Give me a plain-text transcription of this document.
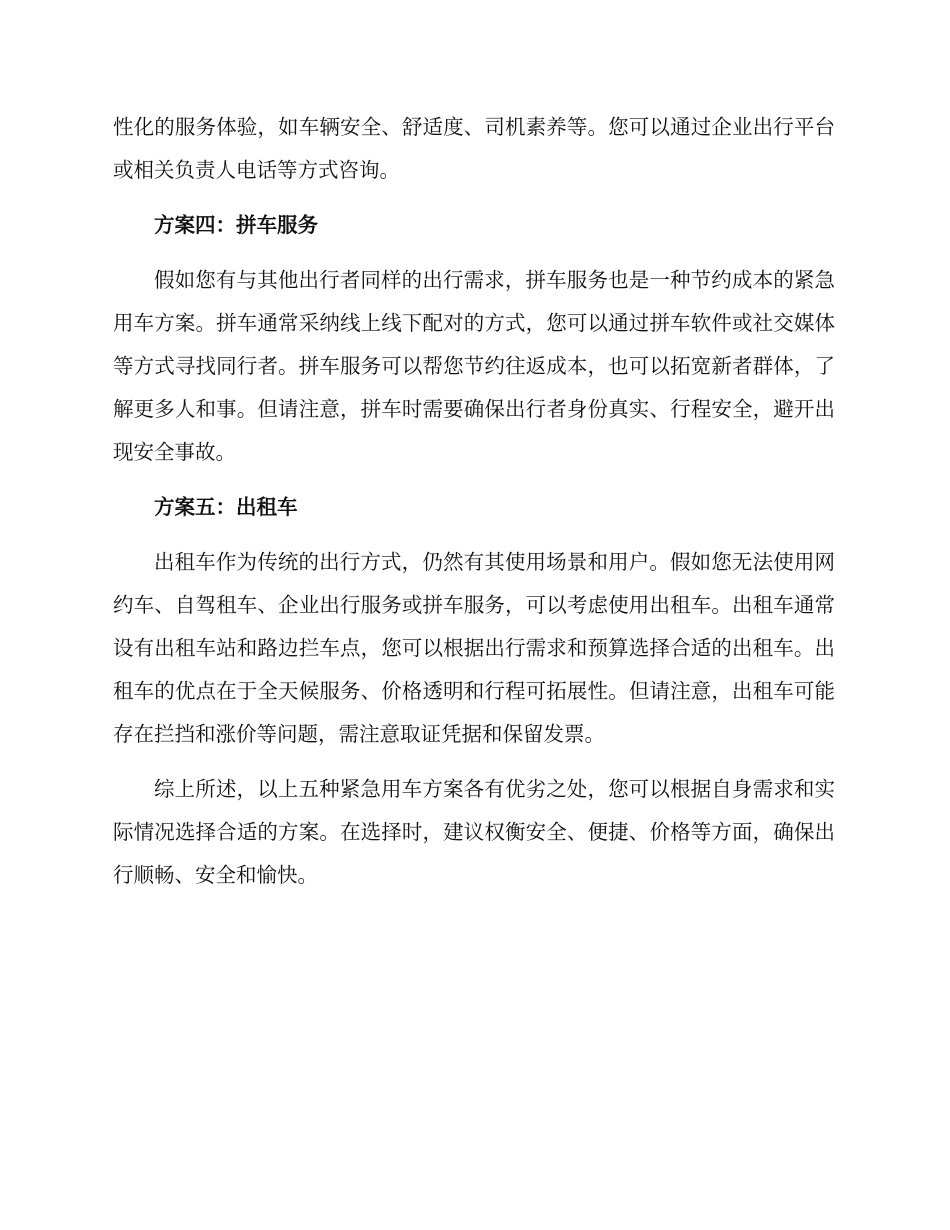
性化的服务体验，如车辆安全、舒适度、司机素养等。您可以通过企业出行平台或相关负责人电话等方式咨询。

方案四：拼车服务

假如您有与其他出行者同样的出行需求，拼车服务也是一种节约成本的紧急用车方案。拼车通常采纳线上线下配对的方式，您可以通过拼车软件或社交媒体等方式寻找同行者。拼车服务可以帮您节约往返成本，也可以拓宽新者群体，了解更多人和事。但请注意，拼车时需要确保出行者身份真实、行程安全，避开出现安全事故。

方案五：出租车

出租车作为传统的出行方式，仍然有其使用场景和用户。假如您无法使用网约车、自驾租车、企业出行服务或拼车服务，可以考虑使用出租车。出租车通常设有出租车站和路边拦车点，您可以根据出行需求和预算选择合适的出租车。出租车的优点在于全天候服务、价格透明和行程可拓展性。但请注意，出租车可能存在拦挡和涨价等问题，需注意取证凭据和保留发票。

综上所述，以上五种紧急用车方案各有优劣之处，您可以根据自身需求和实际情况选择合适的方案。在选择时，建议权衡安全、便捷、价格等方面，确保出行顺畅、安全和愉快。
